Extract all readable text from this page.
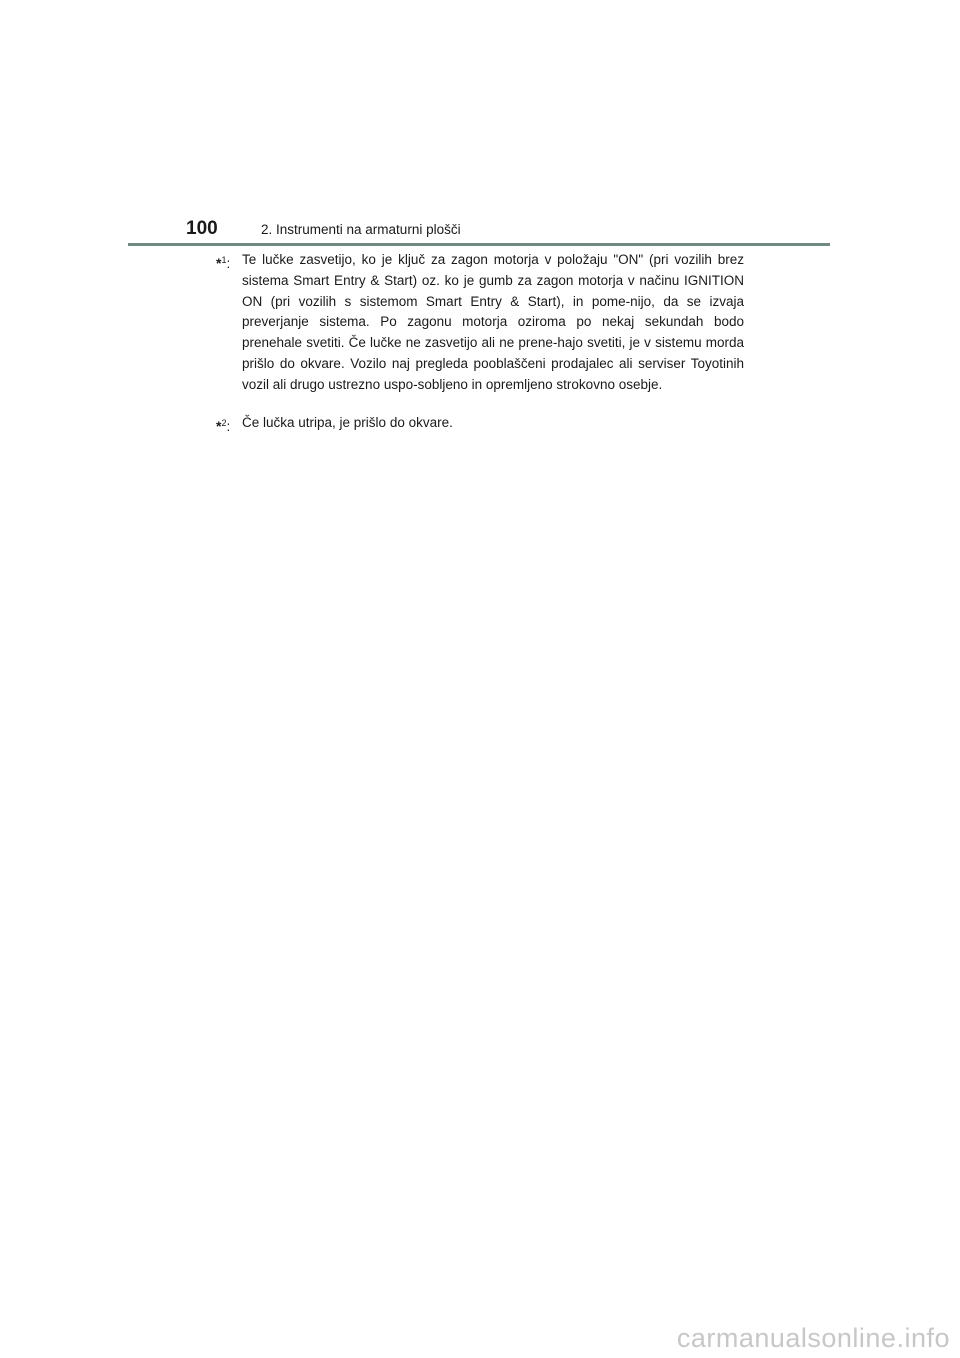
100	2. Instrumenti na armaturni plošči
*$^1$: Te lučke zasvetijo, ko je ključ za zagon motorja v položaju "ON" (pri vozilih brez sistema Smart Entry & Start) oz. ko je gumb za zagon motorja v načinu IGNITION ON (pri vozilih s sistemom Smart Entry & Start), in pome-nijo, da se izvaja preverjanje sistema. Po zagonu motorja oziroma po nekaj sekundah bodo prenehale svetiti. Če lučke ne zasvetijo ali ne prene-hajo svetiti, je v sistemu morda prišlo do okvare. Vozilo naj pregleda pooblaščeni prodajalec ali serviser Toyotinih vozil ali drugo ustrezno uspo-sobljeno in opremljeno strokovno osebje.
*$^2$: Če lučka utripa, je prišlo do okvare.
carmanualsonline.info
